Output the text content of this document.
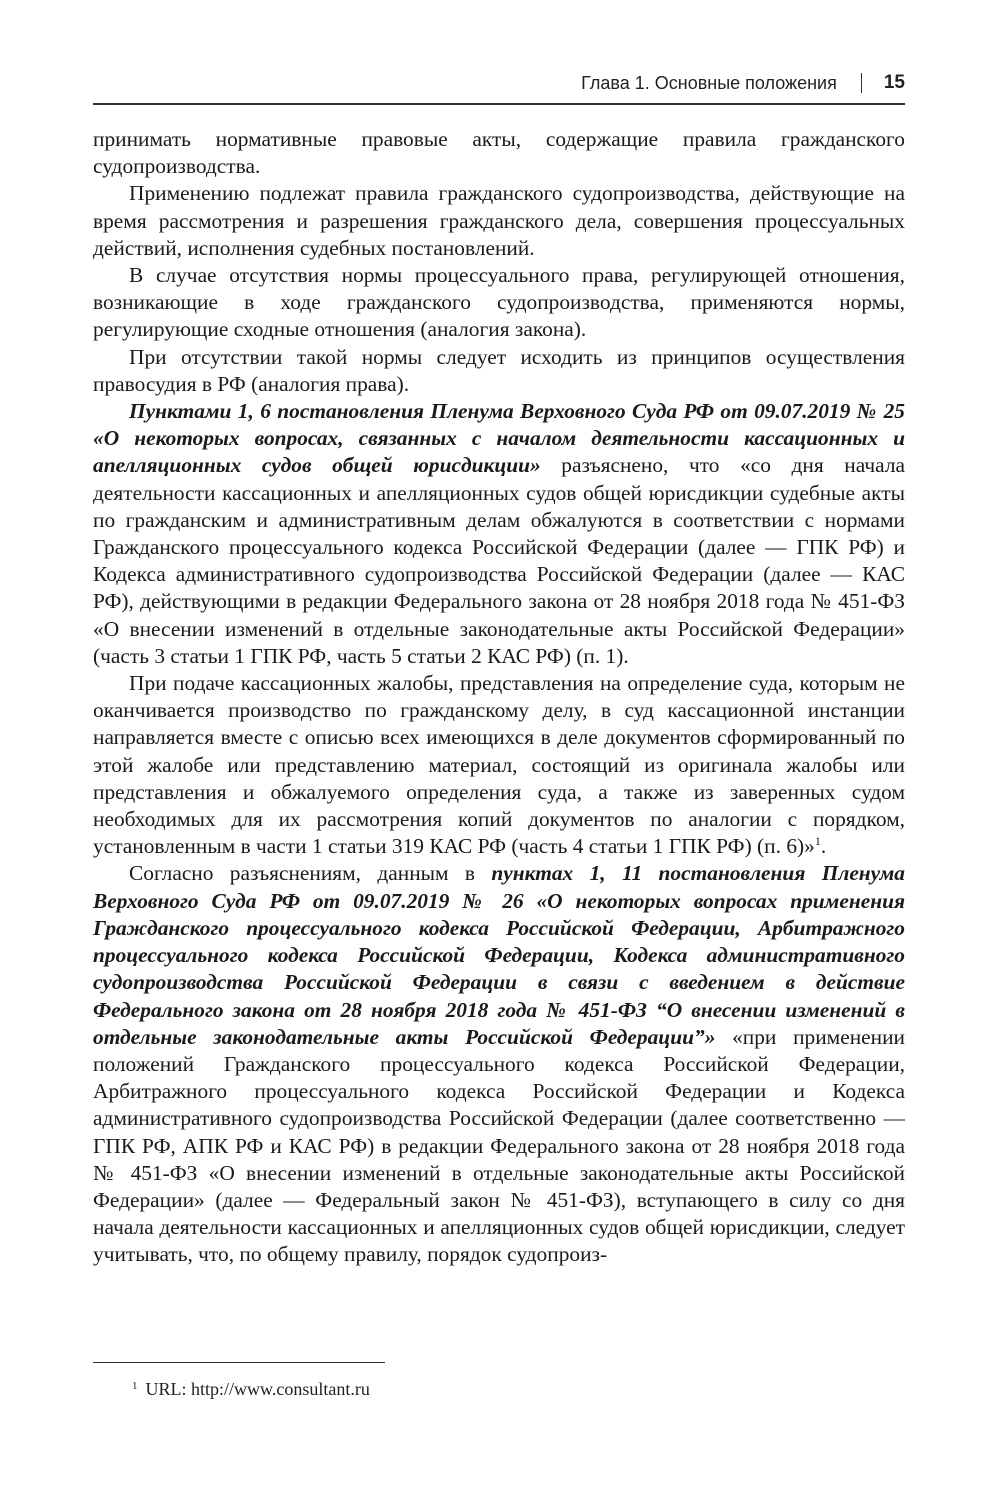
Глава 1. Основные положения 15

принимать нормативные правовые акты, содержащие правила гражданского судопроизводства.

Применению подлежат правила гражданского судопроизводства, действующие на время рассмотрения и разрешения гражданского дела, совершения процессуальных действий, исполнения судебных постановлений.

В случае отсутствия нормы процессуального права, регулирующей отношения, возникающие в ходе гражданского судопроизводства, применяются нормы, регулирующие сходные отношения (аналогия закона).

При отсутствии такой нормы следует исходить из принципов осуществления правосудия в РФ (аналогия права).

Пунктами 1, 6 постановления Пленума Верховного Суда РФ от 09.07.2019 № 25 «О некоторых вопросах, связанных с началом деятельности кассационных и апелляционных судов общей юрисдикции» разъяснено, что «со дня начала деятельности кассационных и апелляционных судов общей юрисдикции судебные акты по гражданским и административным делам обжалуются в соответствии с нормами Гражданского процессуального кодекса Российской Федерации (далее — ГПК РФ) и Кодекса административного судопроизводства Российской Федерации (далее — КАС РФ), действующими в редакции Федерального закона от 28 ноября 2018 года № 451-ФЗ «О внесении изменений в отдельные законодательные акты Российской Федерации» (часть 3 статьи 1 ГПК РФ, часть 5 статьи 2 КАС РФ) (п. 1).

При подаче кассационных жалобы, представления на определение суда, которым не оканчивается производство по гражданскому делу, в суд кассационной инстанции направляется вместе с описью всех имеющихся в деле документов сформированный по этой жалобе или представлению материал, состоящий из оригинала жалобы или представления и обжалуемого определения суда, а также из заверенных судом необходимых для их рассмотрения копий документов по аналогии с порядком, установленным в части 1 статьи 319 КАС РФ (часть 4 статьи 1 ГПК РФ) (п. 6)»$^1$.

Согласно разъяснениям, данным в пунктах 1, 11 постановления Пленума Верховного Суда РФ от 09.07.2019 № 26 «О некоторых вопросах применения Гражданского процессуального кодекса Российской Федерации, Арбитражного процессуального кодекса Российской Федерации, Кодекса административного судопроизводства Российской Федерации в связи с введением в действие Федерального закона от 28 ноября 2018 года № 451-ФЗ “О внесении изменений в отдельные законодательные акты Российской Федерации”» «при применении положений Гражданского процессуального кодекса Российской Федерации, Арбитражного процессуального кодекса Российской Федерации и Кодекса административного судопроизводства Российской Федерации (далее соответственно — ГПК РФ, АПК РФ и КАС РФ) в редакции Федерального закона от 28 ноября 2018 года № 451-ФЗ «О внесении изменений в отдельные законодательные акты Российской Федерации» (далее — Федеральный закон № 451-ФЗ), вступающего в силу со дня начала деятельности кассационных и апелляционных судов общей юрисдикции, следует учитывать, что, по общему правилу, порядок судопроиз-

$^1$ URL: http://www.consultant.ru
